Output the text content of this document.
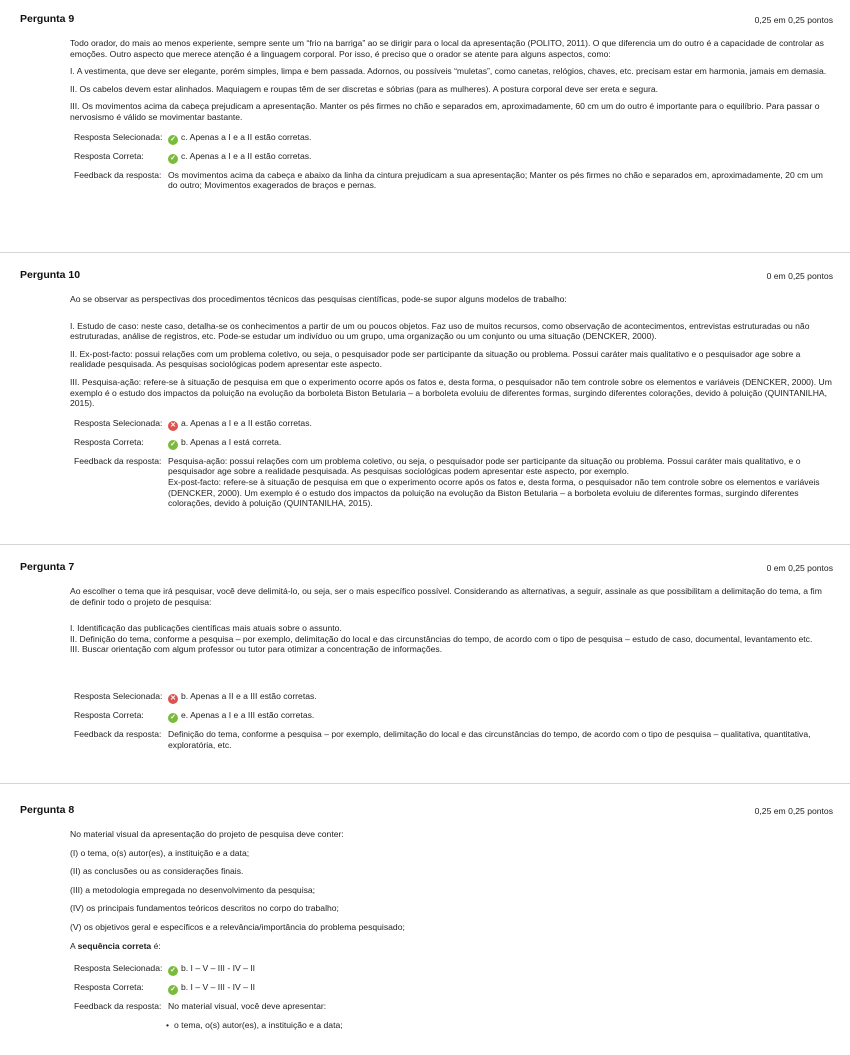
Pergunta 9	0,25 em 0,25 pontos

Todo orador, do mais ao menos experiente, sempre sente um “frio na barriga” ao se dirigir para o local da apresentação (POLITO, 2011). O que diferencia um do outro é a capacidade de controlar as emoções. Outro aspecto que merece atenção é a linguagem corporal. Por isso, é preciso que o orador se atente para alguns aspectos, como:

I. A vestimenta, que deve ser elegante, porém simples, limpa e bem passada. Adornos, ou possíveis “muletas”, como canetas, relógios, chaves, etc. precisam estar em harmonia, jamais em demasia.

II. Os cabelos devem estar alinhados. Maquiagem e roupas têm de ser discretas e sóbrias (para as mulheres). A postura corporal deve ser ereta e segura.

III. Os movimentos acima da cabeça prejudicam a apresentação. Manter os pés firmes no chão e separados em, aproximadamente, 60 cm um do outro é importante para o equilíbrio. Para passar o nervosismo é válido se movimentar bastante.

Resposta Selecionada:	✓ c. Apenas a I e a II estão corretas.
Resposta Correta:	✓ c. Apenas a I e a II estão corretas.
Feedback da resposta:	Os movimentos acima da cabeça e abaixo da linha da cintura prejudicam a sua apresentação; Manter os pés firmes no chão e separados em, aproximadamente, 20 cm um do outro; Movimentos exagerados de braços e pernas.
Pergunta 10	0 em 0,25 pontos

Ao se observar as perspectivas dos procedimentos técnicos das pesquisas científicas, pode-se supor alguns modelos de trabalho:

I. Estudo de caso: neste caso, detalha-se os conhecimentos a partir de um ou poucos objetos. Faz uso de muitos recursos, como observação de acontecimentos, entrevistas estruturadas ou não estruturadas, análise de registros, etc. Pode-se estudar um indivíduo ou um grupo, uma organização ou um conjunto ou uma situação (DENCKER, 2000).

II. Ex-post-facto: possui relações com um problema coletivo, ou seja, o pesquisador pode ser participante da situação ou problema. Possui caráter mais qualitativo e o pesquisador age sobre a realidade pesquisada. As pesquisas sociológicas podem apresentar este aspecto.

III. Pesquisa-ação: refere-se à situação de pesquisa em que o experimento ocorre após os fatos e, desta forma, o pesquisador não tem controle sobre os elementos e variáveis (DENCKER, 2000). Um exemplo é o estudo dos impactos da poluição na evolução da borboleta Biston Betularia – a borboleta evoluiu de diferentes formas, surgindo diferentes colorações, devido à poluição (QUINTANILHA, 2015).

Resposta Selecionada:	✕ a. Apenas a I e a II estão corretas.
Resposta Correta:	✓ b. Apenas a I está correta.
Feedback da resposta:	Pesquisa-ação: possui relações com um problema coletivo, ou seja, o pesquisador pode ser participante da situação ou problema. Possui caráter mais qualitativo, e o pesquisador age sobre a realidade pesquisada. As pesquisas sociológicas podem apresentar este aspecto, por exemplo.
Ex-post-facto: refere-se à situação de pesquisa em que o experimento ocorre após os fatos e, desta forma, o pesquisador não tem controle sobre os elementos e variáveis (DENCKER, 2000). Um exemplo é o estudo dos impactos da poluição na evolução da Biston Betularia – a borboleta evoluiu de diferentes formas, surgindo diferentes colorações, devido à poluição (QUINTANILHA, 2015).
Pergunta 7	0 em 0,25 pontos

Ao escolher o tema que irá pesquisar, você deve delimitá-lo, ou seja, ser o mais específico possível. Considerando as alternativas, a seguir, assinale as que possibilitam a delimitação do tema, a fim de definir todo o projeto de pesquisa:

I. Identificação das publicações científicas mais atuais sobre o assunto.

II. Definição do tema, conforme a pesquisa – por exemplo, delimitação do local e das circunstâncias do tempo, de acordo com o tipo de pesquisa – estudo de caso, documental, levantamento etc.

III. Buscar orientação com algum professor ou tutor para otimizar a concentração de informações.

Resposta Selecionada:	✕ b. Apenas a II e a III estão corretas.
Resposta Correta:	✓ e. Apenas a I e a III estão corretas.
Feedback da resposta:	Definição do tema, conforme a pesquisa – por exemplo, delimitação do local e das circunstâncias do tempo, de acordo com o tipo de pesquisa – qualitativa, quantitativa, exploratória, etc.
Pergunta 8	0,25 em 0,25 pontos

No material visual da apresentação do projeto de pesquisa deve conter:

(I) o tema, o(s) autor(es), a instituição e a data;

(II) as conclusões ou as considerações finais.

(III) a metodologia empregada no desenvolvimento da pesquisa;

(IV) os principais fundamentos teóricos descritos no corpo do trabalho;

(V) os objetivos geral e específicos e a relevância/importância do problema pesquisado;

A sequência correta é:

Resposta Selecionada:	✓ b. I – V – III - IV – II
Resposta Correta:	✓ b. I – V – III - IV – II
Feedback da resposta:	No material visual, você deve apresentar:
• o tema, o(s) autor(es), a instituição e a data;
